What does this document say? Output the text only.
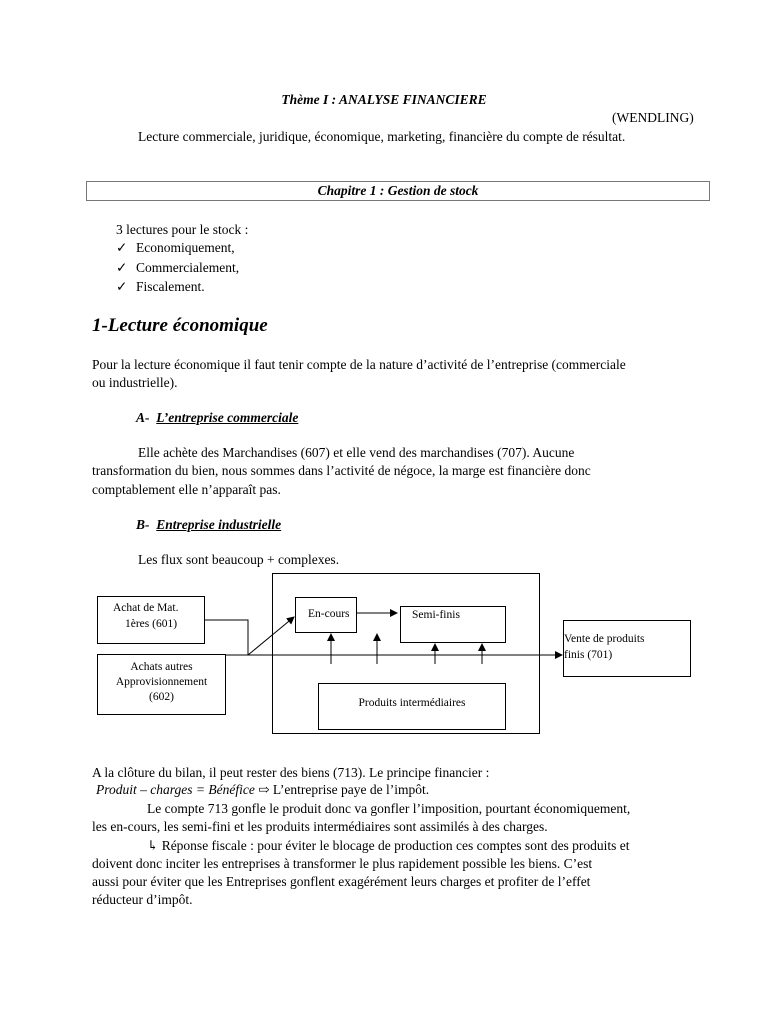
Thème I : ANALYSE FINANCIERE
(WENDLING)
Lecture commerciale, juridique, économique, marketing, financière du compte de résultat.
Chapitre 1 : Gestion de stock
3 lectures pour le stock :
✓ Economiquement,
✓ Commercialement,
✓ Fiscalement.
1-Lecture économique
Pour la lecture économique il faut tenir compte de la nature d’activité de l’entreprise (commerciale
ou industrielle).
A- L’entreprise commerciale
Elle achète des Marchandises (607) et elle vend des marchandises (707). Aucune
transformation du bien, nous sommes dans l’activité de négoce, la marge est financière donc
comptablement elle n’apparaît pas.
B- Entreprise industrielle
Les flux sont beaucoup + complexes.
Achat de Mat.
1ères (601)
Achats autres
Approvisionnement
(602)
En-cours	Semi-finis
Produits intermédiaires
Vente de produits
finis (701)
A la clôture du bilan, il peut rester des biens (713). Le principe financier :
Produit – charges = Bénéfice ⇨ L’entreprise paye de l’impôt.
Le compte 713 gonfle le produit donc va gonfler l’imposition, pourtant économiquement,
les en-cours, les semi-fini et les produits intermédiaires sont assimilés à des charges.
↳ Réponse fiscale : pour éviter le blocage de production ces comptes sont des produits et
doivent donc inciter les entreprises à transformer le plus rapidement possible les biens. C’est
aussi pour éviter que les Entreprises gonflent exagérément leurs charges et profiter de l’effet
réducteur d’impôt.
